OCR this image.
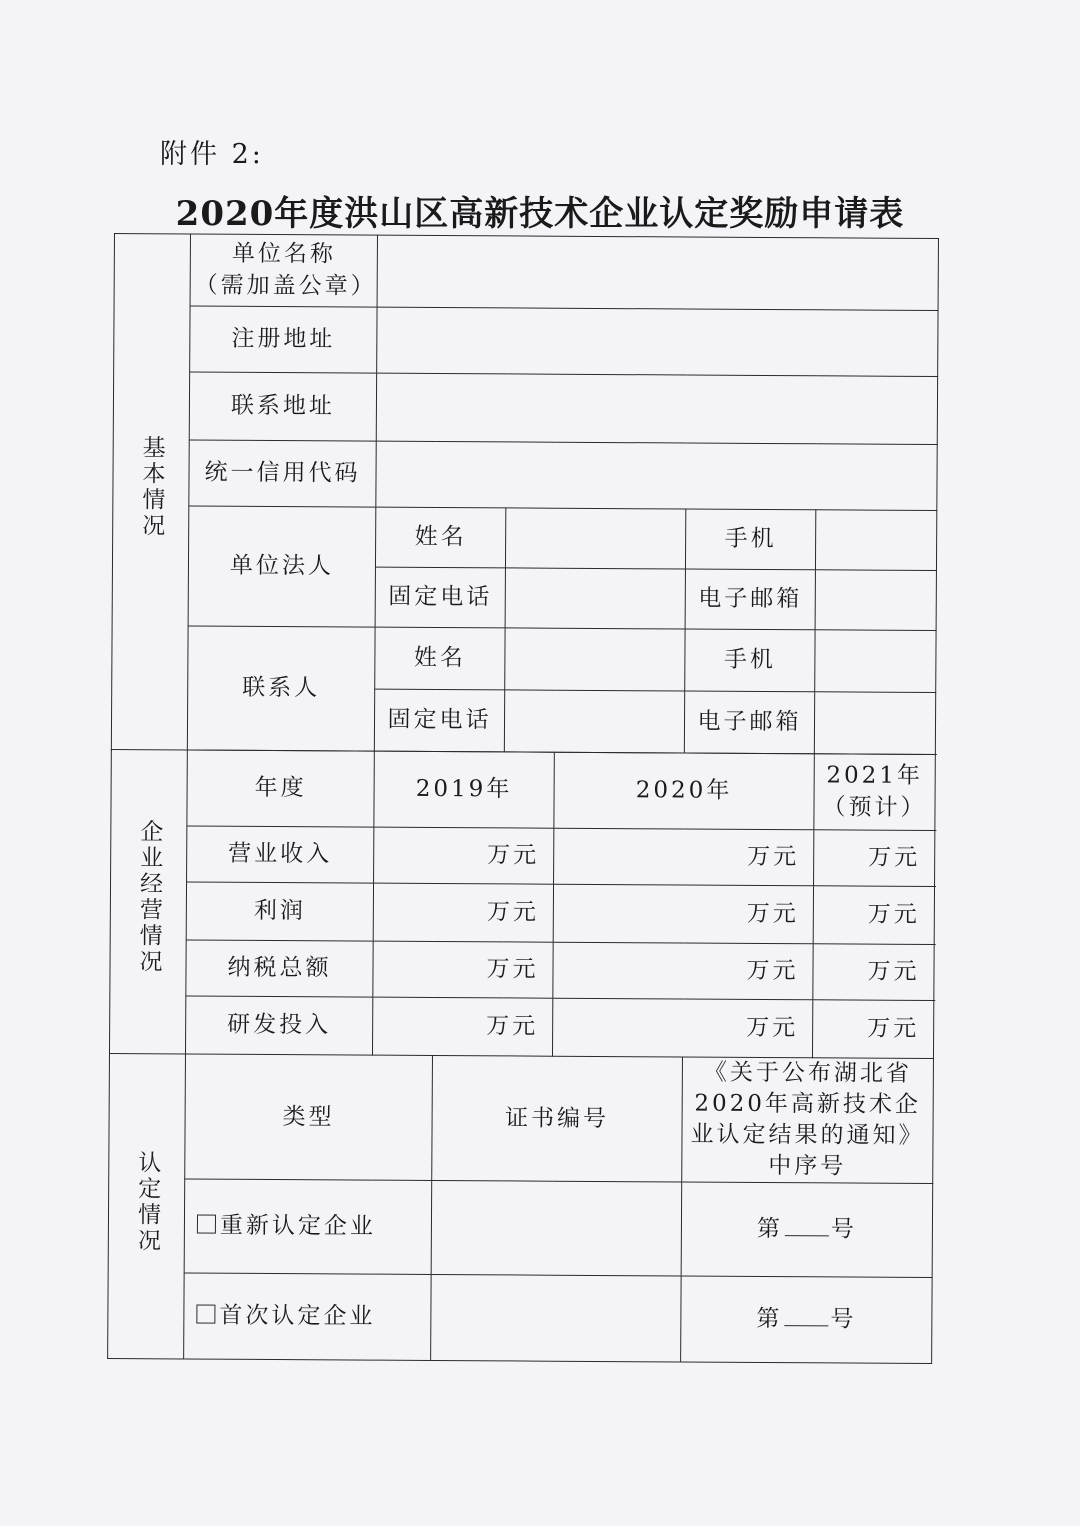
附件 2:
2020年度洪山区高新技术企业认定奖励申请表
基本情况	单位名称
（需加盖公章）						
	注册地址						
	联系地址						
	统一信用代码						
	单位法人	姓名				手机	
		固定电话				电子邮箱	
	联系人	姓名				手机	
		固定电话				电子邮箱	

企业经营情况	年度	2019年			2020年		2021年
（预计）
	营业收入	万元			万元		万元
	利润	万元			万元		万元
	纳税总额	万元			万元		万元
	研发投入	万元			万元		万元
认定情况	类型		证书编号			《关于公布湖北省2020年高新技术企业认定结果的通知》中序号	
	重新认定企业					第 号	
	首次认定企业					第 号	
